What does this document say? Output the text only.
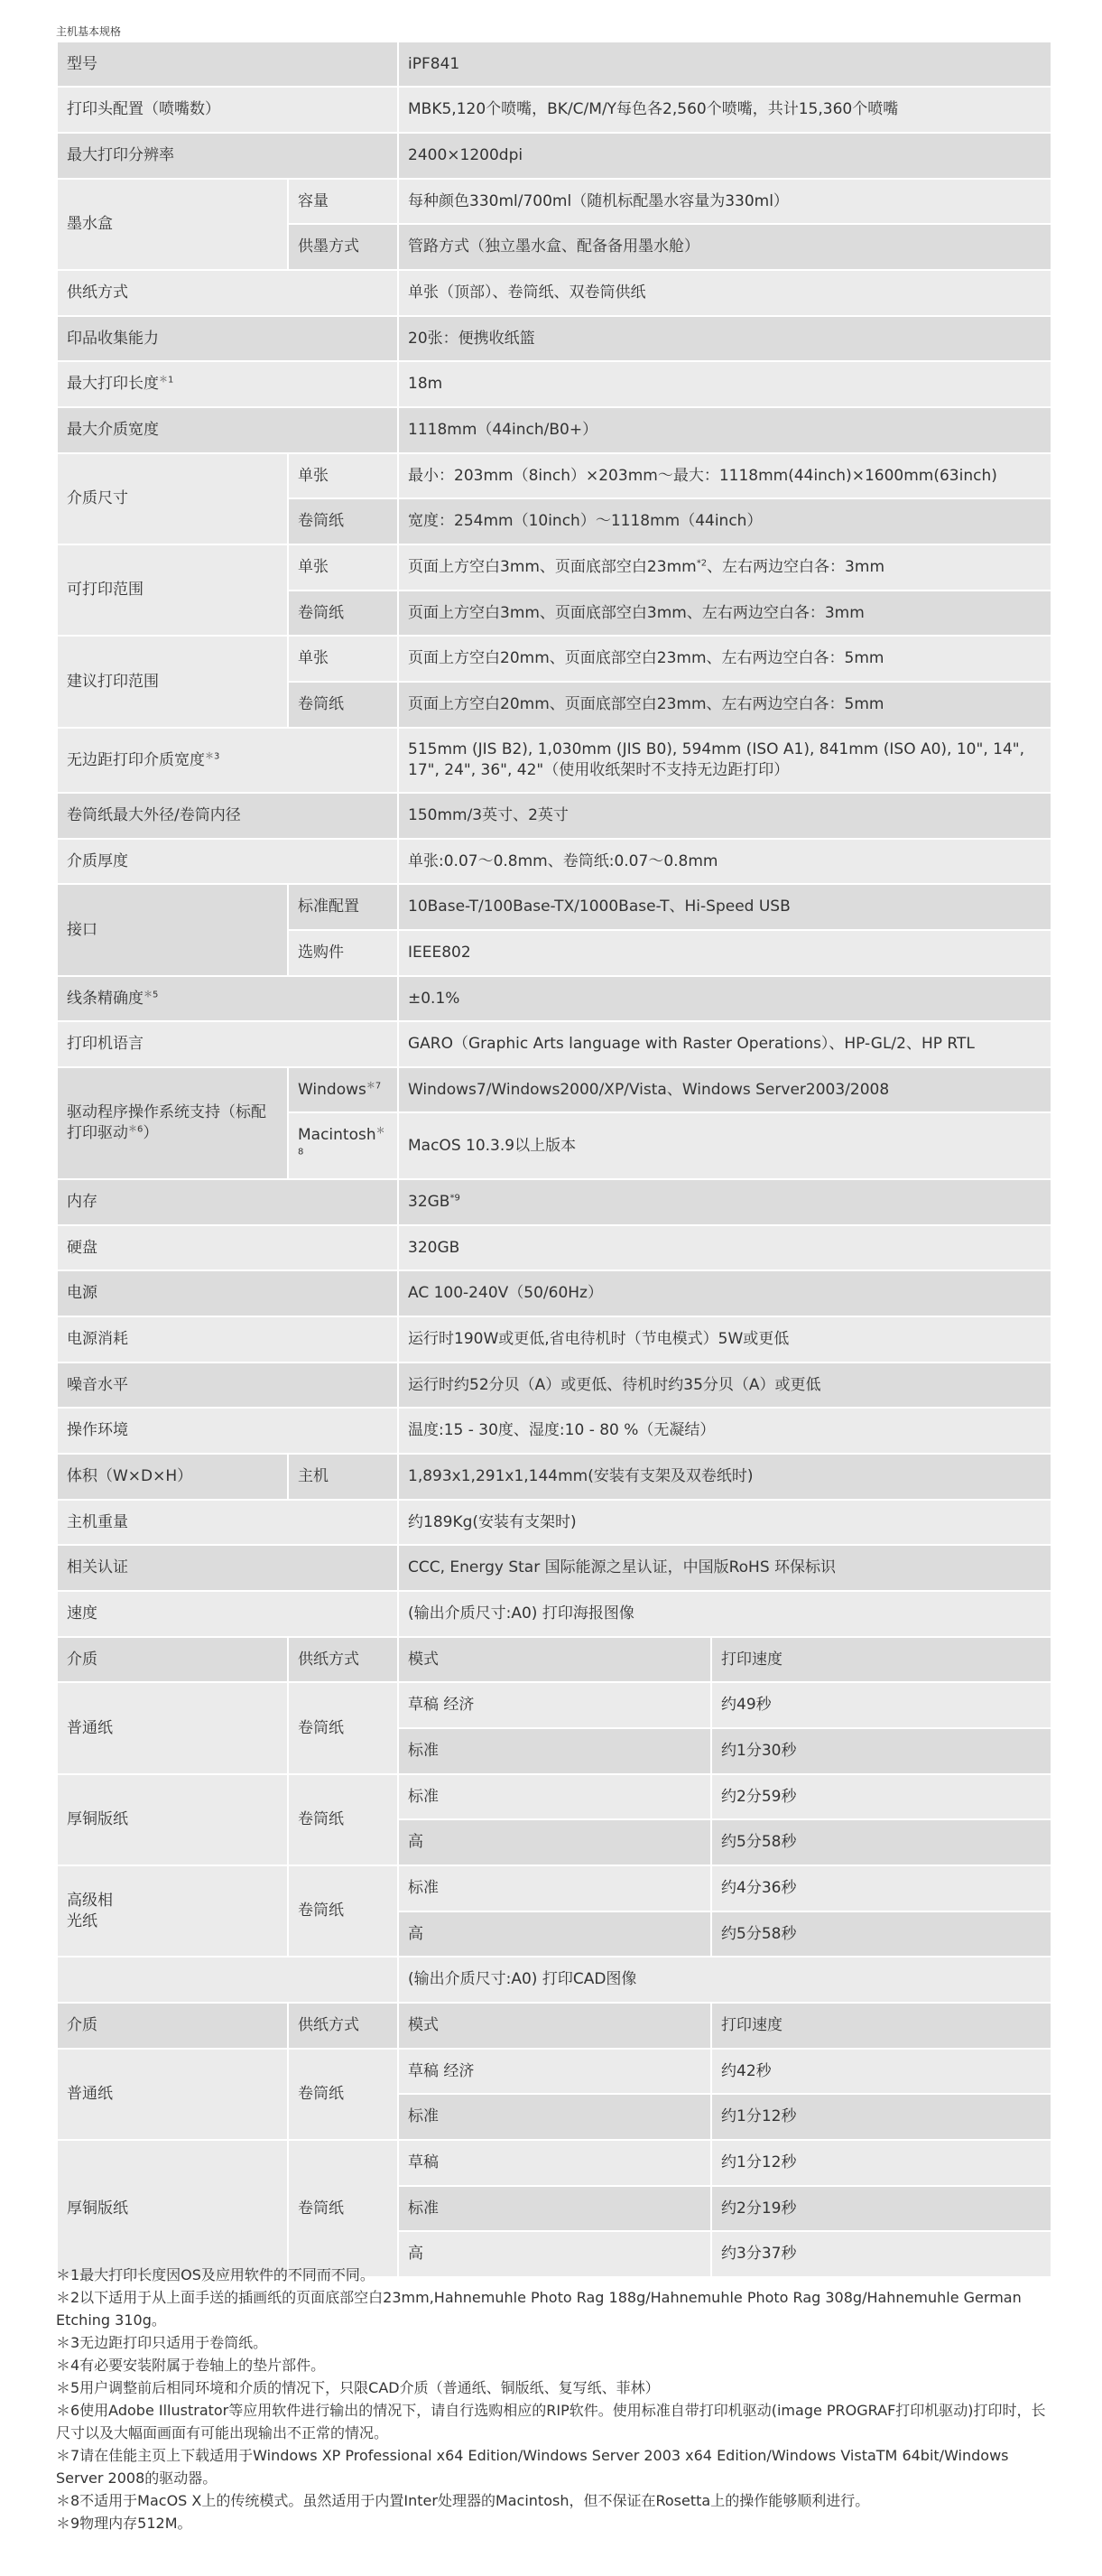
主机基本规格
型号		iPF841	
打印头配置（喷嘴数）		MBK5,120个喷嘴，BK/C/M/Y每色各2,560个喷嘴，共计15,360个喷嘴	
最大打印分辨率		2400×1200dpi	
墨水盒	容量	每种颜色330ml/700ml（随机标配墨水容量为330ml）	
	供墨方式	管路方式（独立墨水盒、配备备用墨水舱）	
供纸方式		单张（顶部）、卷筒纸、双卷筒供纸	
印品收集能力		20张：便携收纸篮	
最大打印长度$^{*1}$		18m	
最大介质宽度		1118mm（44inch/B0+）	
介质尺寸	单张	最小：203mm（8inch）×203mm～最大：1118mm(44inch)×1600mm(63inch)	
	卷筒纸	宽度：254mm（10inch）～1118mm（44inch）	
可打印范围	单张	页面上方空白3mm、页面底部空白$23mm^{*2}$、左右两边空白各：3mm	
	卷筒纸	页面上方空白3mm、页面底部空白3mm、左右两边空白各：3mm	
建议打印范围	单张	页面上方空白20mm、页面底部空白23mm、左右两边空白各：5mm	
	卷筒纸	页面上方空白20mm、页面底部空白23mm、左右两边空白各：5mm	
无边距打印介质宽度$^{*3}$		515mm (JIS B2), 1,030mm (JIS B0), 594mm (ISO A1), 841mm (ISO A0), 10", 14", 17", 24", 36", 42"（使用收纸架时不支持无边距打印）	
卷筒纸最大外径/卷筒内径		150mm/3英寸、2英寸	
介质厚度		单张:0.07～0.8mm、卷筒纸:0.07～0.8mm	
接口	标准配置	10Base-T/100Base-TX/1000Base-T、Hi-Speed USB	
	选购件	IEEE802	
线条精确度$^{*5}$		±0.1%	
打印机语言		GARO（Graphic Arts language with Raster Operations）、HP-GL/2、HP RTL	
驱动程序操作系统支持（标配打印驱动$^{*6}$）	Windows$^{*7}$	Windows7/Windows2000/XP/Vista、Windows Server2003/2008	
	Macintosh$^{*8}$	MacOS 10.3.9以上版本	
内存		32GB$^{*9}$
硬盘		320GB	
电源		AC 100-240V（50/60Hz）	
电源消耗		运行时190W或更低,省电待机时（节电模式）5W或更低	
噪音水平		运行时约52分贝（A）或更低、待机时约35分贝（A）或更低	
操作环境		温度:15 - 30度、湿度:10 - 80 %（无凝结）	
体积（W×D×H）	主机	1,893x1,291x1,144mm(安装有支架及双卷纸时)	
主机重量		约189Kg(安装有支架时)	
相关认证		CCC, Energy Star 国际能源之星认证，中国版RoHS 环保标识	
速度		(输出介质尺寸:A0) 打印海报图像	
介质	供纸方式	模式	打印速度
普通纸	卷筒纸	草稿 经济	约49秒
		标准	约1分30秒
厚铜版纸	卷筒纸	标准	约2分59秒
		高	约5分58秒
高级相
光纸	卷筒纸	标准	约4分36秒
		高	约5分58秒
		(输出介质尺寸:A0) 打印CAD图像	
介质	供纸方式	模式	打印速度
普通纸	卷筒纸	草稿 经济	约42秒
		标准	约1分12秒
厚铜版纸	卷筒纸	草稿	约1分12秒
		标准	约2分19秒
		高	约3分37秒

＊1最大打印长度因OS及应用软件的不同而不同。

＊2以下适用于从上面手送的插画纸的页面底部空白23mm,Hahnemuhle Photo Rag 188g/Hahnemuhle Photo Rag 308g/Hahnemuhle German Etching 310g。

＊3无边距打印只适用于卷筒纸。

＊4有必要安装附属于卷轴上的垫片部件。

＊5用户调整前后相同环境和介质的情况下，只限CAD介质（普通纸、铜版纸、复写纸、菲林）

＊6使用Adobe Illustrator等应用软件进行输出的情况下，请自行选购相应的RIP软件。使用标准自带打印机驱动(image PROGRAF打印机驱动)打印时，长尺寸以及大幅面画面有可能出现输出不正常的情况。

＊7请在佳能主页上下载适用于Windows XP Professional x64 Edition/Windows Server 2003 x64 Edition/Windows VistaTM 64bit/Windows Server 2008的驱动器。

＊8不适用于MacOS X上的传统模式。虽然适用于内置Inter处理器的Macintosh，但不保证在Rosetta上的操作能够顺利进行。

＊9物理内存512M。
